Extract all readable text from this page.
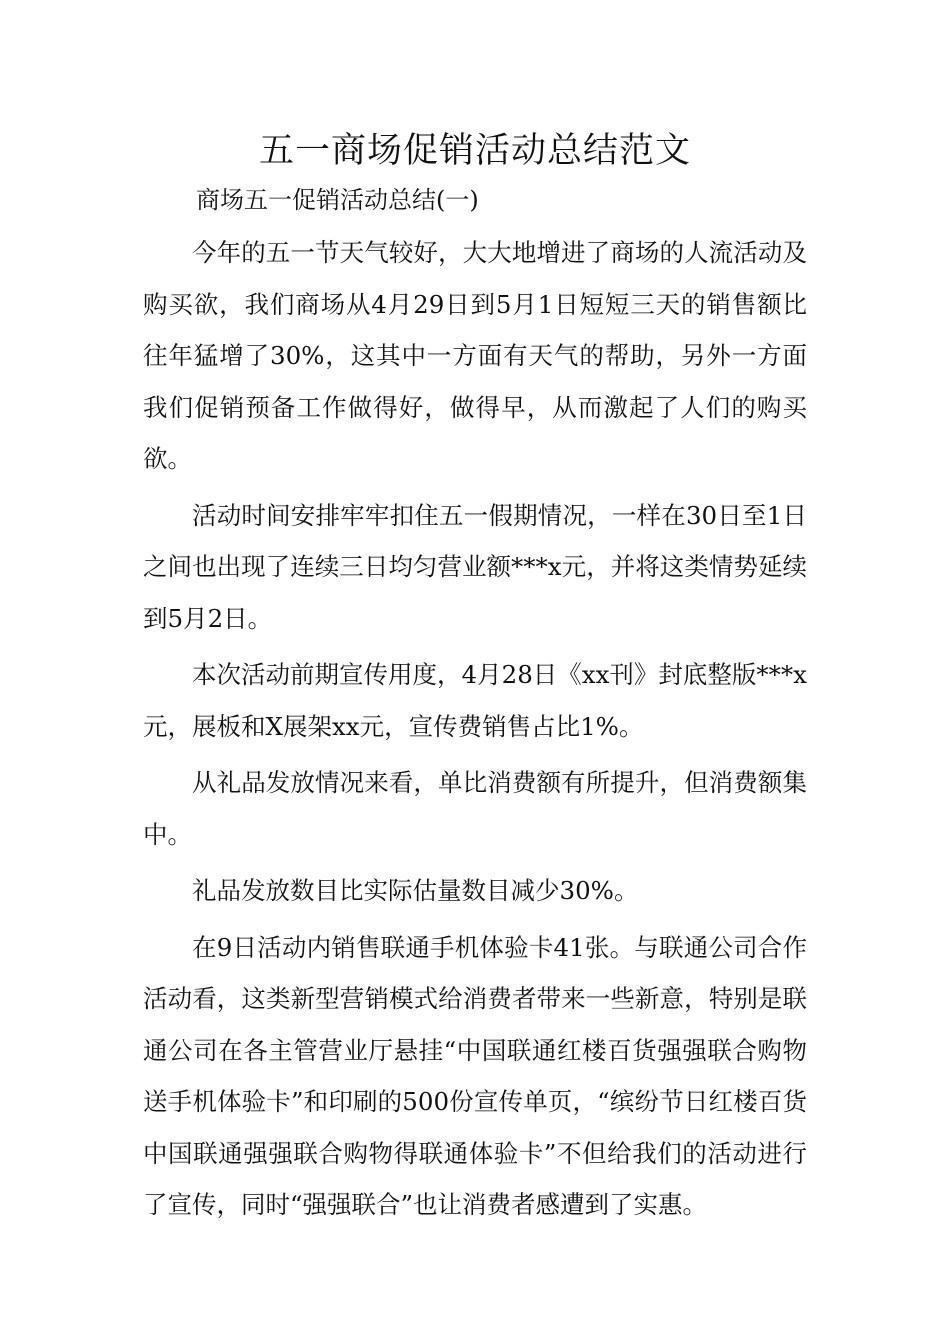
五一商场促销活动总结范文

商场五一促销活动总结(一)

今年的五一节天气较好，大大地增进了商场的人流活动及购买欲，我们商场从4月29日到5月1日短短三天的销售额比往年猛增了30%，这其中一方面有天气的帮助，另外一方面我们促销预备工作做得好，做得早，从而激起了人们的购买欲。

活动时间安排牢牢扣住五一假期情况，一样在30日至1日之间也出现了连续三日均匀营业额***x元，并将这类情势延续到5月2日。

本次活动前期宣传用度，4月28日《xx刊》封底整版***x元，展板和X展架xx元，宣传费销售占比1%。

从礼品发放情况来看，单比消费额有所提升，但消费额集中。

礼品发放数目比实际估量数目减少30%。

在9日活动内销售联通手机体验卡41张。与联通公司合作活动看，这类新型营销模式给消费者带来一些新意，特别是联通公司在各主管营业厅悬挂“中国联通红楼百货强强联合购物送手机体验卡”和印刷的500份宣传单页，“缤纷节日红楼百货中国联通强强联合购物得联通体验卡”不但给我们的活动进行了宣传，同时“强强联合”也让消费者感遭到了实惠。
